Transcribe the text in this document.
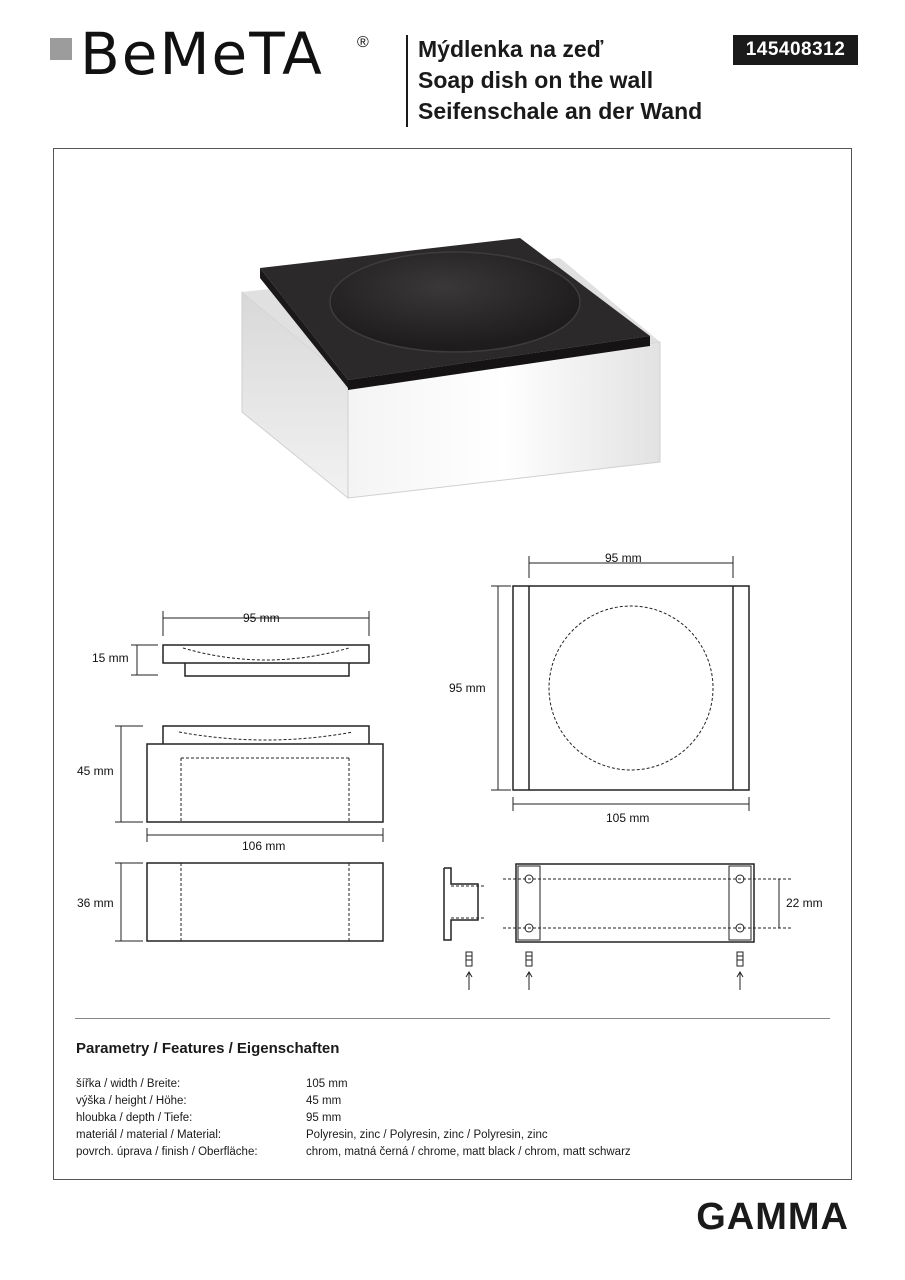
BeMeTA ® Mýdlenka na zeď
Soap dish on the wall
Seifenschale an der Wand
145408312
95 mm
15 mm
45 mm
106 mm
36 mm
95 mm
95 mm
105 mm
22 mm
Parametry / Features / Eigenschaften
šířka / width / Breite:	105 mm
výška / height / Höhe:	45 mm
hloubka / depth / Tiefe:	95 mm
materiál / material / Material:	Polyresin, zinc / Polyresin, zinc / Polyresin, zinc
povrch. úprava / finish / Oberfläche:	chrom, matná černá / chrome, matt black / chrom, matt schwarz
GAMMA
